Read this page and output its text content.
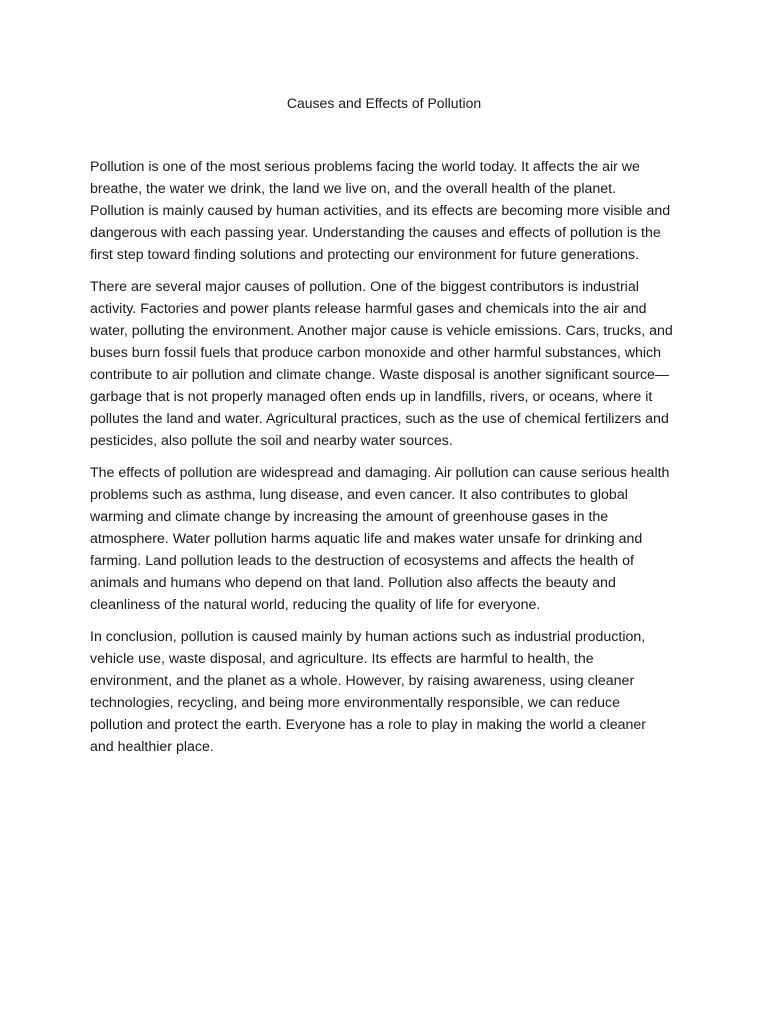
Causes and Effects of Pollution

Pollution is one of the most serious problems facing the world today. It affects the air we breathe, the water we drink, the land we live on, and the overall health of the planet. Pollution is mainly caused by human activities, and its effects are becoming more visible and dangerous with each passing year. Understanding the causes and effects of pollution is the first step toward finding solutions and protecting our environment for future generations.

There are several major causes of pollution. One of the biggest contributors is industrial activity. Factories and power plants release harmful gases and chemicals into the air and water, polluting the environment. Another major cause is vehicle emissions. Cars, trucks, and buses burn fossil fuels that produce carbon monoxide and other harmful substances, which contribute to air pollution and climate change. Waste disposal is another significant source—garbage that is not properly managed often ends up in landfills, rivers, or oceans, where it pollutes the land and water. Agricultural practices, such as the use of chemical fertilizers and pesticides, also pollute the soil and nearby water sources.

The effects of pollution are widespread and damaging. Air pollution can cause serious health problems such as asthma, lung disease, and even cancer. It also contributes to global warming and climate change by increasing the amount of greenhouse gases in the atmosphere. Water pollution harms aquatic life and makes water unsafe for drinking and farming. Land pollution leads to the destruction of ecosystems and affects the health of animals and humans who depend on that land. Pollution also affects the beauty and cleanliness of the natural world, reducing the quality of life for everyone.

In conclusion, pollution is caused mainly by human actions such as industrial production, vehicle use, waste disposal, and agriculture. Its effects are harmful to health, the environment, and the planet as a whole. However, by raising awareness, using cleaner technologies, recycling, and being more environmentally responsible, we can reduce pollution and protect the earth. Everyone has a role to play in making the world a cleaner and healthier place.
